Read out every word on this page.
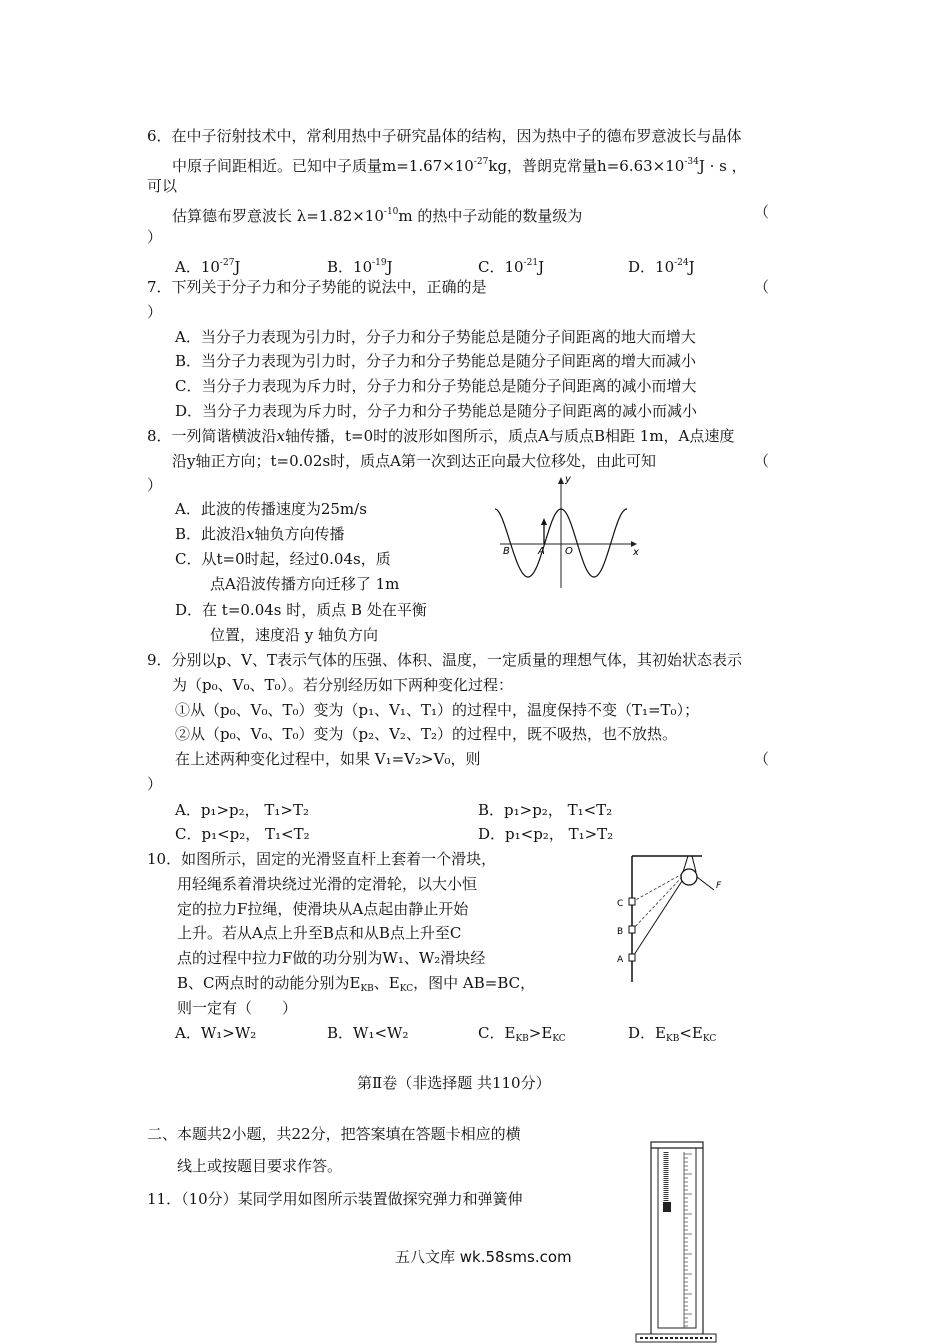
6．在中子衍射技术中，常利用热中子研究晶体的结构，因为热中子的德布罗意波长与晶体
中原子间距相近。已知中子质量$m=1.67\times 10^{-27}kg$，普朗克常量$h=6.63\times 10^{-34}J \cdot s$ ，
可以
估算德布罗意波长 $\lambda=1.82\times 10^{-10}m$ 的热中子动能的数量级为	（
）
A．$10^{-27}J$	B．$10^{-19}J$	C．$10^{-21}J$	D．$10^{-24}J$
7．下列关于分子力和分子势能的说法中，正确的是	（
）
A．当分子力表现为引力时，分子力和分子势能总是随分子间距离的地大而增大
B．当分子力表现为引力时，分子力和分子势能总是随分子间距离的增大而减小
C．当分子力表现为斥力时，分子力和分子势能总是随分子间距离的减小而增大
D．当分子力表现为斥力时，分子力和分子势能总是随分子间距离的减小而减小
8．一列简谐横波沿x轴传播，t=0时的波形如图所示，质点A与质点B相距 1m，A点速度
沿y轴正方向；t=0.02s时，质点A第一次到达正向最大位移处，由此可知	（
）
A．此波的传播速度为25m/s
B．此波沿x轴负方向传播
C．从t=0时起，经过0.04s，质
点A沿波传播方向迁移了 1m
D．在 t=0.04s 时，质点 B 处在平衡
位置，速度沿 y 轴负方向
y
x
B	A O
9．分别以p、V、T表示气体的压强、体积、温度，一定质量的理想气体，其初始状态表示
为（p₀、V₀、T₀）。若分别经历如下两种变化过程：
①从（p₀、V₀、T₀）变为（p₁、V₁、T₁）的过程中，温度保持不变（T₁=T₀）；
②从（p₀、V₀、T₀）变为（p₂、V₂、T₂）的过程中，既不吸热，也不放热。
在上述两种变化过程中，如果 V₁=V₂>V₀，则	（
）
A．p₁>p₂， T₁>T₂	B．p₁>p₂， T₁<T₂
C．p₁<p₂， T₁<T₂	D．p₁<p₂， T₁>T₂
10．如图所示，固定的光滑竖直杆上套着一个滑块，
用轻绳系着滑块绕过光滑的定滑轮，以大小恒
定的拉力F拉绳，使滑块从A点起由静止开始
上升。若从A点上升至B点和从B点上升至C
点的过程中拉力F做的功分别为W₁、W₂滑块经
B、C两点时的动能分别为$E_{KB}$、$E_{KC}$，图中 AB=BC，
则一定有（　　）
A．W₁>W₂	B．W₁<W₂	C．$E_{KB}>E_{KC}$	D．$E_{KB}<E_{KC}$
F
C
B
A
第Ⅱ卷（非选择题 共110分）
二、本题共2小题，共22分，把答案填在答题卡相应的横
线上或按题目要求作答。
11．（10分）某同学用如图所示装置做探究弹力和弹簧伸
五八文库 wk.58sms.com
